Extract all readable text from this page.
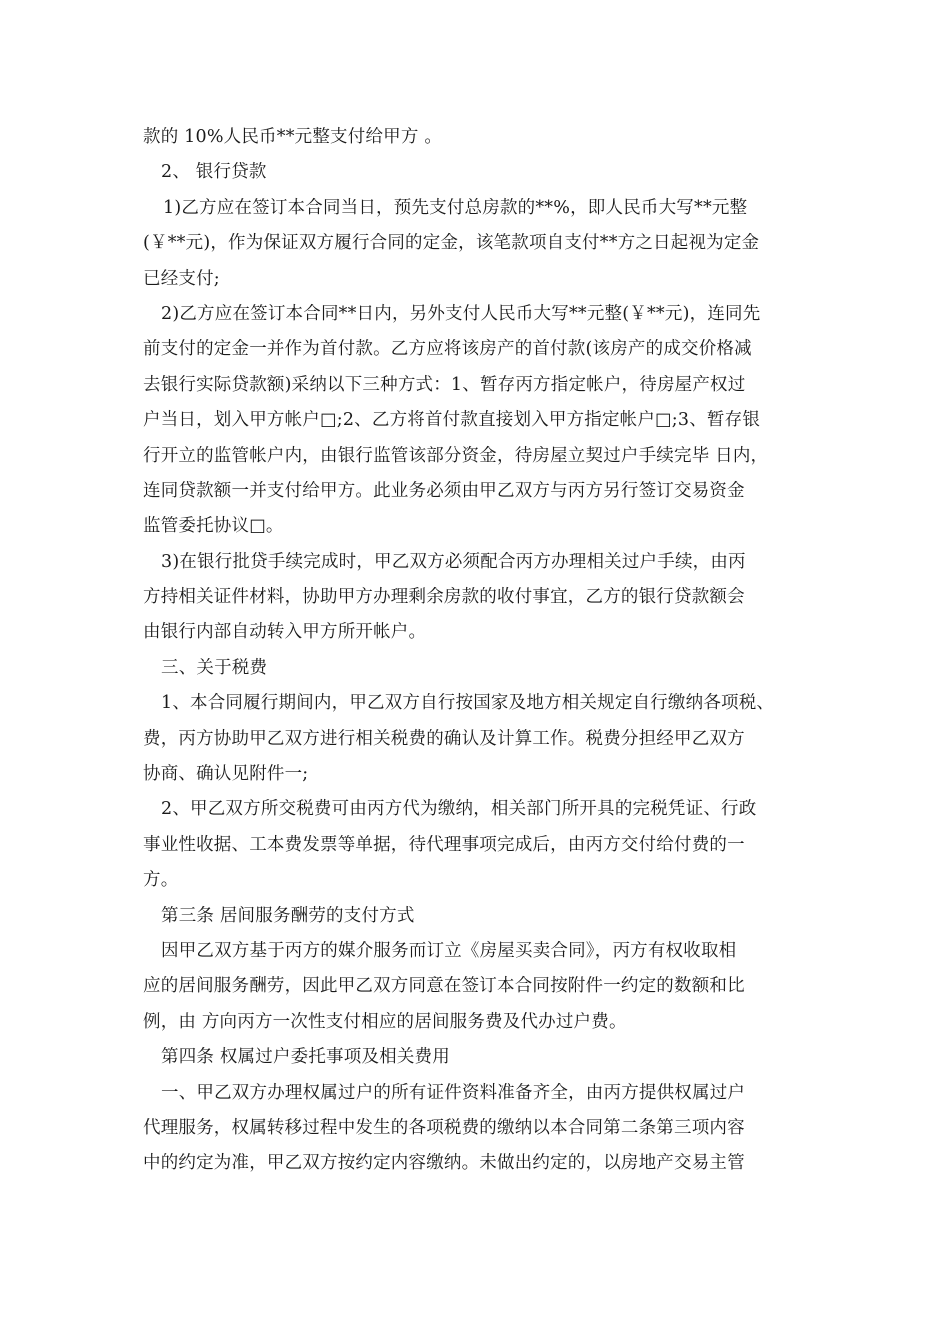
款的 10%人民币**元整支付给甲方 。
2、 银行贷款
1)乙方应在签订本合同当日，预先支付总房款的**%，即人民币大写**元整
(￥**元)，作为保证双方履行合同的定金，该笔款项自支付**方之日起视为定金
已经支付;
2)乙方应在签订本合同**日内，另外支付人民币大写**元整(￥**元)，连同先
前支付的定金一并作为首付款。乙方应将该房产的首付款(该房产的成交价格减
去银行实际贷款额)采纳以下三种方式：1、暂存丙方指定帐户，待房屋产权过
户当日，划入甲方帐户□;2、乙方将首付款直接划入甲方指定帐户□;3、暂存银
行开立的监管帐户内，由银行监管该部分资金，待房屋立契过户手续完毕 日内，
连同贷款额一并支付给甲方。此业务必须由甲乙双方与丙方另行签订交易资金
监管委托协议□。
3)在银行批贷手续完成时，甲乙双方必须配合丙方办理相关过户手续，由丙
方持相关证件材料，协助甲方办理剩余房款的收付事宜，乙方的银行贷款额会
由银行内部自动转入甲方所开帐户。
三、关于税费
1、本合同履行期间内，甲乙双方自行按国家及地方相关规定自行缴纳各项税、
费，丙方协助甲乙双方进行相关税费的确认及计算工作。税费分担经甲乙双方
协商、确认见附件一;
2、甲乙双方所交税费可由丙方代为缴纳，相关部门所开具的完税凭证、行政
事业性收据、工本费发票等单据，待代理事项完成后，由丙方交付给付费的一
方。
第三条 居间服务酬劳的支付方式
因甲乙双方基于丙方的媒介服务而订立《房屋买卖合同》，丙方有权收取相
应的居间服务酬劳，因此甲乙双方同意在签订本合同按附件一约定的数额和比
例，由 方向丙方一次性支付相应的居间服务费及代办过户费。
第四条 权属过户委托事项及相关费用
一、甲乙双方办理权属过户的所有证件资料准备齐全，由丙方提供权属过户
代理服务，权属转移过程中发生的各项税费的缴纳以本合同第二条第三项内容
中的约定为准，甲乙双方按约定内容缴纳。未做出约定的，以房地产交易主管
